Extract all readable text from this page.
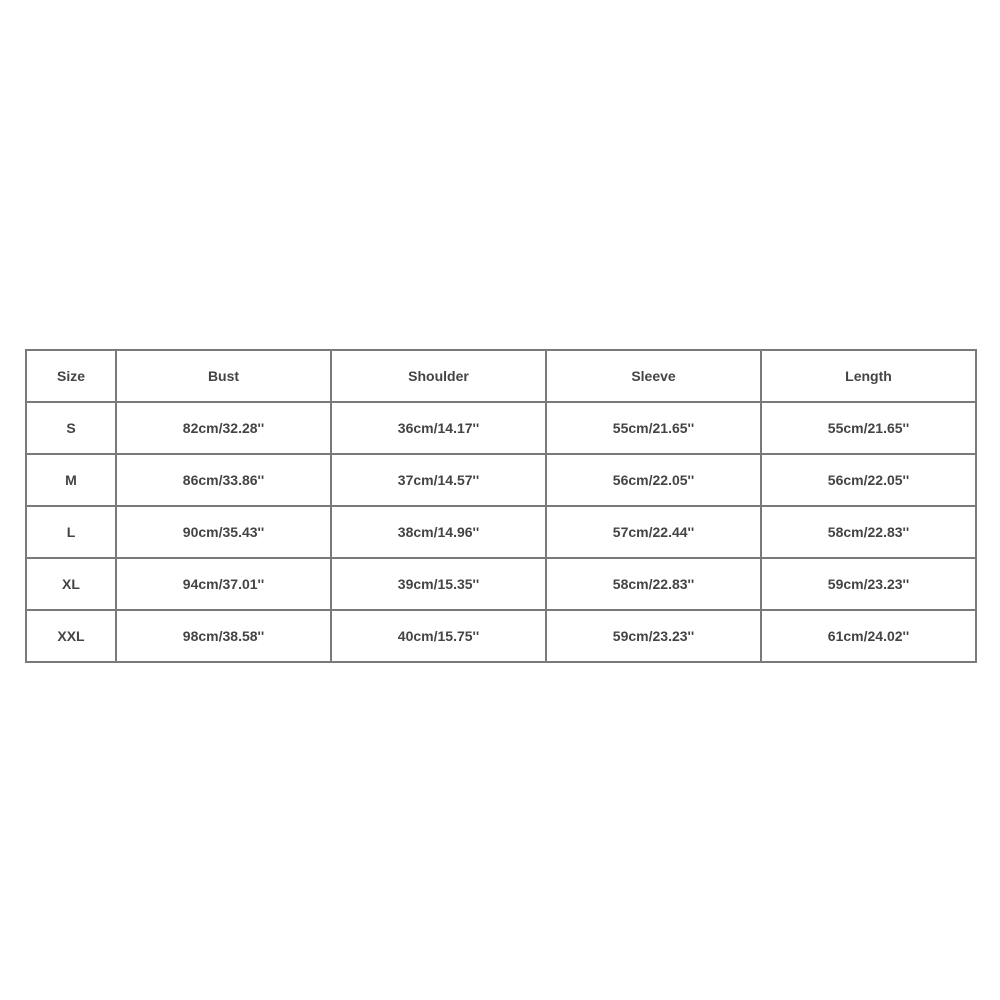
Size	Bust	Shoulder	Sleeve	Length
S	82cm/32.28''	36cm/14.17''	55cm/21.65''	55cm/21.65''
M	86cm/33.86''	37cm/14.57''	56cm/22.05''	56cm/22.05''
L	90cm/35.43''	38cm/14.96''	57cm/22.44''	58cm/22.83''
XL	94cm/37.01''	39cm/15.35''	58cm/22.83''	59cm/23.23''
XXL	98cm/38.58''	40cm/15.75''	59cm/23.23''	61cm/24.02''
